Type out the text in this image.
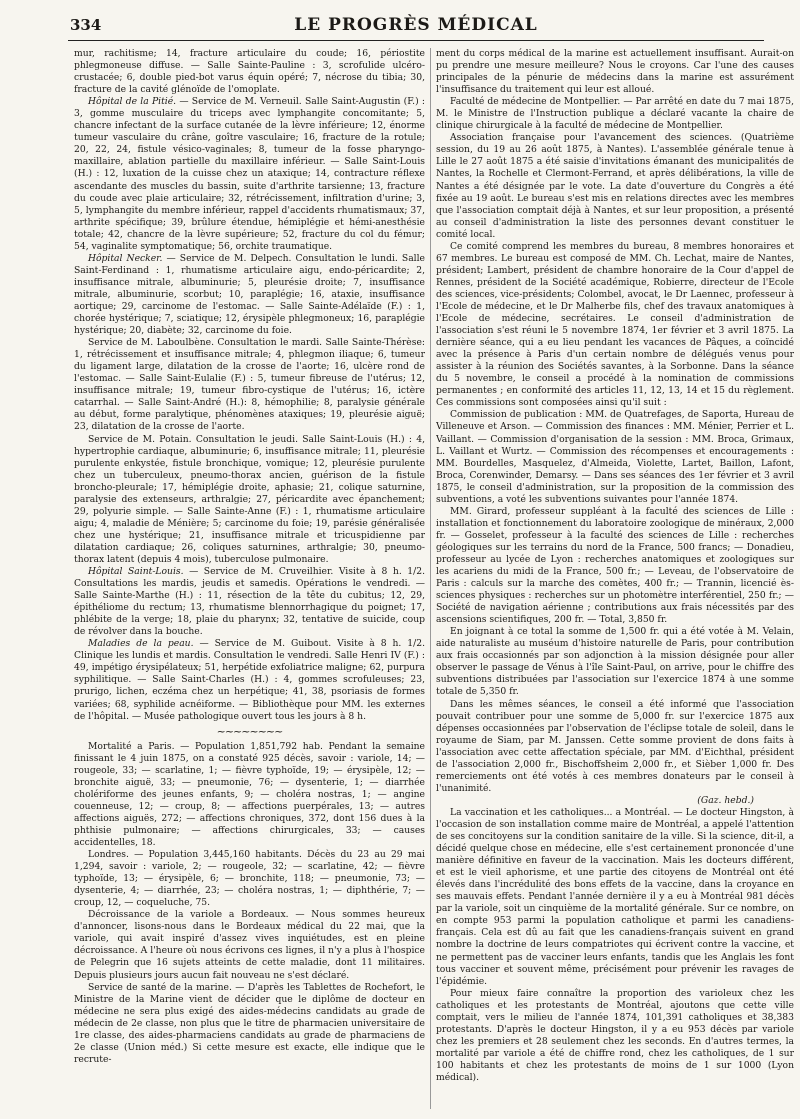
334	LE PROGRÈS MÉDICAL

mur, rachitisme; 14, fracture articulaire du coude; 16, périostite phlegmoneuse diffuse. — Salle Sainte-Pauline : 3, scrofulide ulcéro-crustacée; 6, double pied-bot varus équin opéré; 7, nécrose du tibia; 30, fracture de la cavité glénoïde de l'omoplate.

Hôpital de la Pitié. — Service de M. Verneuil. Salle Saint-Augustin (F.) : 3, gomme musculaire du triceps avec lymphangite concomitante; 5, chancre infectant de la surface cutanée de la lèvre inférieure; 12, énorme tumeur vasculaire du crâne, goître vasculaire; 16, fracture de la rotule; 20, 22, 24, fistule vésico-vaginales; 8, tumeur de la fosse pharyngo-maxillaire, ablation partielle du maxillaire inférieur. — Salle Saint-Louis (H.) : 12, luxation de la cuisse chez un ataxique; 14, contracture réflexe ascendante des muscles du bassin, suite d'arthrite tarsienne; 13, fracture du coude avec plaie articulaire; 32, rétrécissement, infiltration d'urine; 3, 5, lymphangite du membre inférieur, rappel d'accidents rhumatismaux; 37, arthrite spécifique; 39, brûlure étendue, hémiplégie et hémi-anesthésie totale; 42, chancre de la lèvre supérieure; 52, fracture du col du fémur; 54, vaginalite symptomatique; 56, orchite traumatique.

Hôpital Necker. — Service de M. Delpech. Consultation le lundi. Salle Saint-Ferdinand : 1, rhumatisme articulaire aigu, endo-péricardite; 2, insuffisance mitrale, albuminurie; 5, pleurésie droite; 7, insuffisance mitrale, albuminurie, scorbut; 10, paraplégie; 16, ataxie, insuffisance aortique; 29, carcinome de l'estomac. — Salle Sainte-Adélaïde (F.) : 1, chorée hystérique; 7, sciatique; 12, érysipèle phlegmoneux; 16, paraplégie hystérique; 20, diabète; 32, carcinome du foie.

Service de M. Laboulbène. Consultation le mardi. Salle Sainte-Thérèse: 1, rétrécissement et insuffisance mitrale; 4, phlegmon iliaque; 6, tumeur du ligament large, dilatation de la crosse de l'aorte; 16, ulcère rond de l'estomac. — Salle Saint-Eulalie (F.) : 5, tumeur fibreuse de l'utérus; 12, insuffisance mitrale; 19, tumeur fibro-cystique de l'utérus; 16, ictère catarrhal. — Salle Saint-André (H.): 8, hémophilie; 8, paralysie générale au début, forme paralytique, phénomènes ataxiques; 19, pleurésie aiguë; 23, dilatation de la crosse de l'aorte.

Service de M. Potain. Consultation le jeudi. Salle Saint-Louis (H.) : 4, hypertrophie cardiaque, albuminurie; 6, insuffisance mitrale; 11, pleurésie purulente enkystée, fistule bronchique, vomique; 12, pleurésie purulente chez un tuberculeux, pneumo-thorax ancien, guérison de la fistule broncho-pleurale; 17, hémiplégie droite, aphasie; 21, colique saturnine, paralysie des extenseurs, arthralgie; 27, péricardite avec épanchement; 29, polyurie simple. — Salle Sainte-Anne (F.) : 1, rhumatisme articulaire aigu; 4, maladie de Ménière; 5; carcinome du foie; 19, parésie généralisée chez une hystérique; 21, insuffisance mitrale et tricuspidienne par dilatation cardiaque; 26, coliques saturnines, arthralgie; 30, pneumo-thorax latent (depuis 4 mois), tuberculose pulmonaire.

Hôpital Saint-Louis. — Service de M. Cruveilhier. Visite à 8 h. 1/2. Consultations les mardis, jeudis et samedis. Opérations le vendredi. — Salle Sainte-Marthe (H.) : 11, résection de la tête du cubitus; 12, 29, épithéliome du rectum; 13, rhumatisme blennorrhagique du poignet; 17, phlébite de la verge; 18, plaie du pharynx; 32, tentative de suicide, coup de révolver dans la bouche.

Maladies de la peau. — Service de M. Guibout. Visite à 8 h. 1/2. Clinique les lundis et mardis. Consultation le vendredi. Salle Henri IV (F.) : 49, impétigo érysipélateux; 51, herpétide exfoliatrice maligne; 62, purpura syphilitique. — Salle Saint-Charles (H.) : 4, gommes scrofuleuses; 23, prurigo, lichen, eczéma chez un herpétique; 41, 38, psoriasis de formes variées; 68, syphilide acnéiforme. — Bibliothèque pour MM. les externes de l'hôpital. — Musée pathologique ouvert tous les jours à 8 h.

~~~~~~~~

Mortalité a Paris. — Population 1,851,792 hab. Pendant la semaine finissant le 4 juin 1875, on a constaté 925 décès, savoir : variole, 14; — rougeole, 33; — scarlatine, 1; — fièvre typhoïde, 19; — érysipèle, 12; — bronchite aiguë, 33; — pneumonie, 76; — dysenterie, 1; — diarrhée cholériforme des jeunes enfants, 9; — choléra nostras, 1; — angine couenneuse, 12; — croup, 8; — affections puerpérales, 13; — autres affections aiguës, 272; — affections chroniques, 372, dont 156 dues à la phthisie pulmonaire; — affections chirurgicales, 33; — causes accidentelles, 18.

Londres. — Population 3,445,160 habitants. Décès du 23 au 29 mai 1,294, savoir : variole, 2; — rougeole, 32; — scarlatine, 42; — fièvre typhoïde, 13; — érysipèle, 6; — bronchite, 118; — pneumonie, 73; — dysenterie, 4; — diarrhée, 23; — choléra nostras, 1; — diphthérie, 7; — croup, 12, — coqueluche, 75.

Décroissance de la variole a Bordeaux. — Nous sommes heureux d'annoncer, lisons-nous dans le Bordeaux médical du 22 mai, que la variole, qui avait inspiré d'assez vives inquiétudes, est en pleine décroissance. A l'heure où nous écrivons ces lignes, il n'y a plus à l'hospice de Pelegrin que 16 sujets atteints de cette maladie, dont 11 militaires. Depuis plusieurs jours aucun fait nouveau ne s'est déclaré.

Service de santé de la marine. — D'après les Tablettes de Rochefort, le Ministre de la Marine vient de décider que le diplôme de docteur en médecine ne sera plus exigé des aides-médecins candidats au grade de médecin de 2e classe, non plus que le titre de pharmacien universitaire de 1re classe, des aides-pharmaciens candidats au grade de pharmaciens de 2e classe (Union méd.) Si cette mesure est exacte, elle indique que le recrute-

ment du corps médical de la marine est actuellement insuffisant. Aurait-on pu prendre une mesure meilleure? Nous le croyons. Car l'une des causes principales de la pénurie de médecins dans la marine est assurément l'insuffisance du traitement qui leur est alloué.

Faculté de médecine de Montpellier. — Par arrêté en date du 7 mai 1875, M. le Ministre de l'Instruction publique a déclaré vacante la chaire de clinique chirurgicale à la faculté de médecine de Montpellier.

Association française pour l'avancement des sciences. (Quatrième session, du 19 au 26 août 1875, à Nantes). L'assemblée générale tenue à Lille le 27 août 1875 a été saisie d'invitations émanant des municipalités de Nantes, la Rochelle et Clermont-Ferrand, et après délibérations, la ville de Nantes a été désignée par le vote. La date d'ouverture du Congrès a été fixée au 19 août. Le bureau s'est mis en relations directes avec les membres que l'association comptait déjà à Nantes, et sur leur proposition, a présenté au conseil d'administration la liste des personnes devant constituer le comité local.

Ce comité comprend les membres du bureau, 8 membres honoraires et 67 membres. Le bureau est composé de MM. Ch. Lechat, maire de Nantes, président; Lambert, président de chambre honoraire de la Cour d'appel de Rennes, président de la Société académique, Robierre, directeur de l'Ecole des sciences, vice-présidents; Colombel, avocat, le Dr Laennec, professeur à l'Ecole de médecine, et le Dr Malherbe fils, chef des travaux anatomiques à l'Ecole de médecine, secrétaires. Le conseil d'administration de l'association s'est réuni le 5 novembre 1874, 1er février et 3 avril 1875. La dernière séance, qui a eu lieu pendant les vacances de Pâques, a coïncidé avec la présence à Paris d'un certain nombre de délégués venus pour assister à la réunion des Sociétés savantes, à la Sorbonne. Dans la séance du 5 novembre, le conseil a procédé à la nomination de commissions permanentes ; en conformité des articles 11, 12, 13, 14 et 15 du règlement. Ces commissions sont composées ainsi qu'il suit :

Commission de publication : MM. de Quatrefages, de Saporta, Hureau de Villeneuve et Arson. — Commission des finances : MM. Ménier, Perrier et L. Vaillant. — Commission d'organisation de la session : MM. Broca, Grimaux, L. Vaillant et Wurtz. — Commission des récompenses et encouragements : MM. Bourdelles, Masquelez, d'Almeida, Violette, Lartet, Baillon, Lafont, Broca, Corenwinder, Demarsy. — Dans ses séances des 1er février et 3 avril 1875, le conseil d'administration, sur la proposition de la commission des subventions, a voté les subventions suivantes pour l'année 1874.

MM. Girard, professeur suppléant à la faculté des sciences de Lille : installation et fonctionnement du laboratoire zoologique de minéraux, 2,000 fr. — Gosselet, professeur à la faculté des sciences de Lille : recherches géologiques sur les terrains du nord de la France, 500 francs; — Donadieu, professeur au lycée de Lyon : recherches anatomiques et zoologiques sur les acariens du midi de la France, 500 fr.; — Leveau, de l'observatoire de Paris : calculs sur la marche des comètes, 400 fr.; — Trannin, licencié ès-sciences physiques : recherches sur un photomètre interférentiel, 250 fr.; — Société de navigation aérienne ; contributions aux frais nécessités par des ascensions scientifiques, 200 fr. — Total, 3,850 fr.

En joignant à ce total la somme de 1,500 fr. qui a été votée à M. Velain, aide naturaliste au muséum d'histoire naturelle de Paris, pour contribution aux frais occasionnés par son adjonction à la mission désignée pour aller observer le passage de Vénus à l'île Saint-Paul, on arrive, pour le chiffre des subventions distribuées par l'association sur l'exercice 1874 à une somme totale de 5,350 fr.

Dans les mêmes séances, le conseil a été informé que l'association pouvait contribuer pour une somme de 5,000 fr. sur l'exercice 1875 aux dépenses occasionnées par l'observation de l'éclipse totale de soleil, dans le royaume de Siam, par M. Janssen. Cette somme provient de dons faits à l'association avec cette affectation spéciale, par MM. d'Eichthal, président de l'association 2,000 fr., Bischoffsheim 2,000 fr., et Sièber 1,000 fr. Des remerciements ont été votés à ces membres donateurs par le conseil à l'unanimité.

(Gaz. hebd.)

La vaccination et les catholiques... a Montréal. — Le docteur Hingston, à l'occasion de son installation comme maire de Montréal, a appelé l'attention de ses concitoyens sur la condition sanitaire de la ville. Si la science, dit-il, a décidé quelque chose en médecine, elle s'est certainement prononcée d'une manière définitive en faveur de la vaccination. Mais les docteurs différent, et est le vieil aphorisme, et une partie des citoyens de Montréal ont été élevés dans l'incrédulité des bons effets de la vaccine, dans la croyance en ses mauvais effets. Pendant l'année dernière il y a eu à Montréal 981 décès par la variole, soit un cinquième de la mortalité générale. Sur ce nombre, on en compte 953 parmi la population catholique et parmi les canadiens-français. Cela est dû au fait que les canadiens-français suivent en grand nombre la doctrine de leurs compatriotes qui écrivent contre la vaccine, et ne permettent pas de vacciner leurs enfants, tandis que les Anglais les font tous vacciner et souvent même, précisément pour prévenir les ravages de l'épidémie.

Pour mieux faire connaître la proportion des varioleux chez les catholiques et les protestants de Montréal, ajoutons que cette ville comptait, vers le milieu de l'année 1874, 101,391 catholiques et 38,383 protestants. D'après le docteur Hingston, il y a eu 953 décès par variole chez les premiers et 28 seulement chez les seconds. En d'autres termes, la mortalité par variole a été de chiffre rond, chez les catholiques, de 1 sur 100 habitants et chez les protestants de moins de 1 sur 1000 (Lyon médical).
